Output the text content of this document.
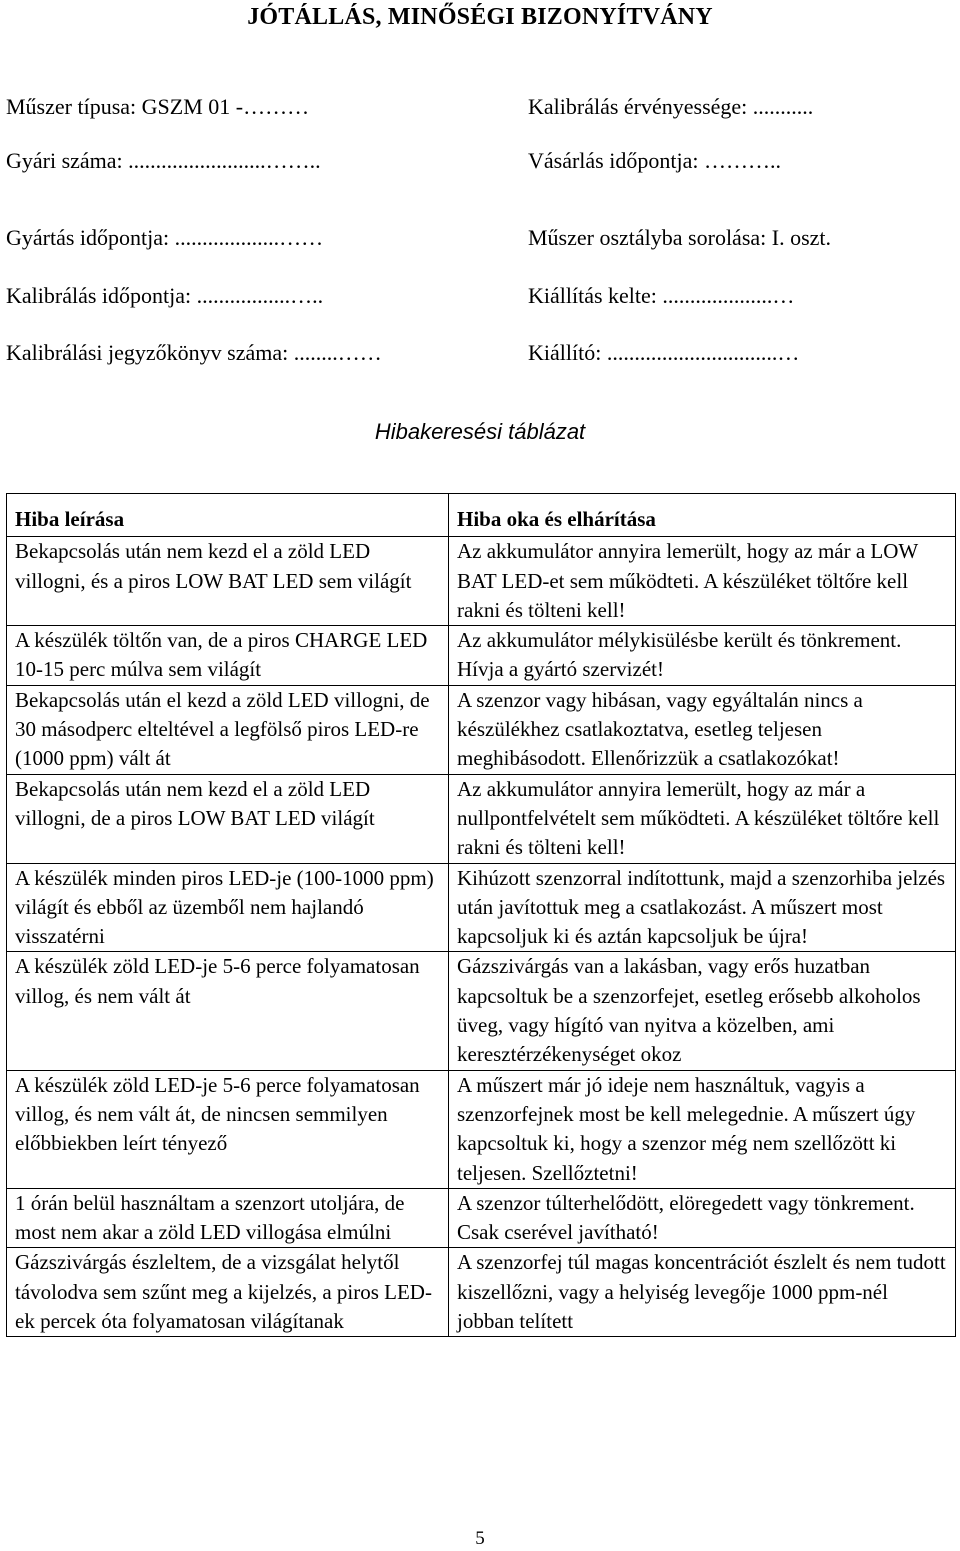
JÓTÁLLÁS, MINŐSÉGI BIZONYÍTVÁNY
Műszer típusa: GSZM 01 -………
Gyári száma: .........................……..
Gyártás időpontja: ...................……
Kalibrálás időpontja: .................…..
Kalibrálási jegyzőkönyv száma: ........……
Kalibrálás érvényessége: ...........
Vásárlás időpontja: ………..
Műszer osztályba sorolása: I. oszt.
Kiállítás kelte: ....................…
Kiállító: ...............................…
Hibakeresési táblázat
Hiba leírása	Hiba oka és elhárítása
Bekapcsolás után nem kezd el a zöld LED villogni, és a piros LOW BAT LED sem világít	Az akkumulátor annyira lemerült, hogy az már a LOW BAT LED-et sem működteti. A készüléket töltőre kell rakni és tölteni kell!
A készülék töltőn van, de a piros CHARGE LED 10-15 perc múlva sem világít	Az akkumulátor mélykisülésbe került és tönkrement. Hívja a gyártó szervizét!
Bekapcsolás után el kezd a zöld LED villogni, de 30 másodperc elteltével a legfölső piros LED-re (1000 ppm) vált át	A szenzor vagy hibásan, vagy egyáltalán nincs a készülékhez csatlakoztatva, esetleg teljesen meghibásodott. Ellenőrizzük a csatlakozókat!
Bekapcsolás után nem kezd el a zöld LED villogni, de a piros LOW BAT LED világít	Az akkumulátor annyira lemerült, hogy az már a nullpontfelvételt sem működteti. A készüléket töltőre kell rakni és tölteni kell!
A készülék minden piros LED-je (100-1000 ppm) világít és ebből az üzemből nem hajlandó visszatérni	Kihúzott szenzorral indítottunk, majd a szenzorhiba jelzés után javítottuk meg a csatlakozást. A műszert most kapcsoljuk ki és aztán kapcsoljuk be újra!
A készülék zöld LED-je 5-6 perce folyamatosan villog, és nem vált át	Gázszivárgás van a lakásban, vagy erős huzatban kapcsoltuk be a szenzorfejet, esetleg erősebb alkoholos üveg, vagy hígító van nyitva a közelben, ami keresztérzékenységet okoz
A készülék zöld LED-je 5-6 perce folyamatosan villog, és nem vált át, de nincsen semmilyen előbbiekben leírt tényező	A műszert már jó ideje nem használtuk, vagyis a szenzorfejnek most be kell melegednie. A műszert úgy kapcsoltuk ki, hogy a szenzor még nem szellőzött ki teljesen. Szellőztetni!
1 órán belül használtam a szenzort utoljára, de most nem akar a zöld LED villogása elmúlni	A szenzor túlterhelődött, elöregedett vagy tönkrement. Csak cserével javítható!
Gázszivárgás észleltem, de a vizsgálat helytől távolodva sem szűnt meg a kijelzés, a piros LED-ek percek óta folyamatosan világítanak	A szenzorfej túl magas koncentrációt észlelt és nem tudott kiszellőzni, vagy a helyiség levegője 1000 ppm-nél jobban telített
5
